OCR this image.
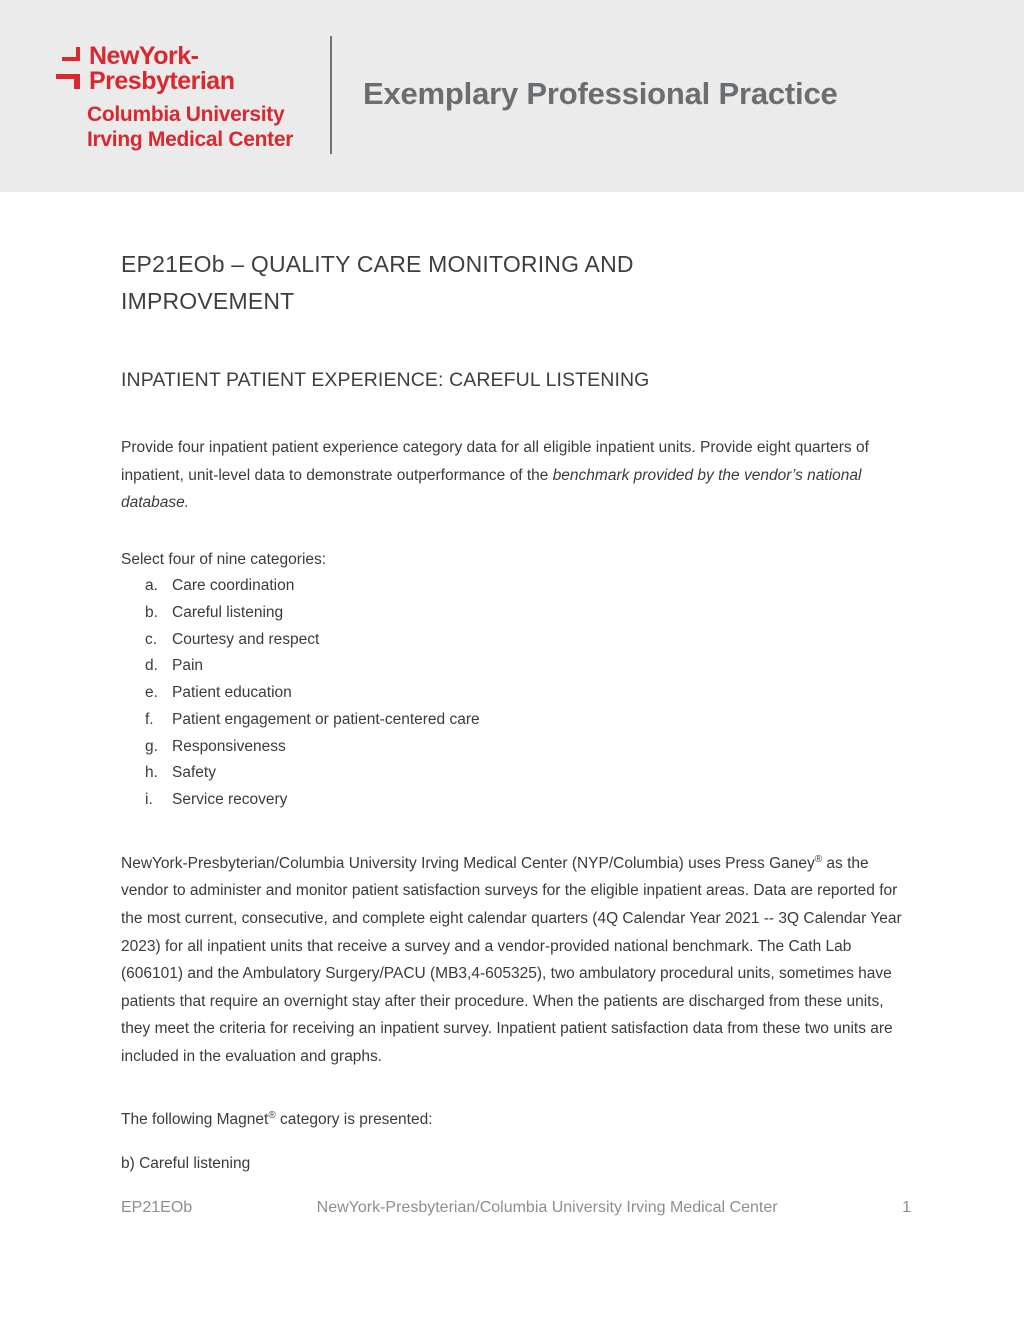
NewYork-
Presbyterian
Columbia University
Irving Medical Center
Exemplary Professional Practice
EP21EOb – QUALITY CARE MONITORING AND
IMPROVEMENT
INPATIENT PATIENT EXPERIENCE: CAREFUL LISTENING

Provide four inpatient patient experience category data for all eligible inpatient units. Provide eight quarters of inpatient, unit-level data to demonstrate outperformance of the benchmark provided by the vendor’s national database.

Select four of nine categories:

a. Care coordination
b. Careful listening
c. Courtesy and respect
d. Pain
e. Patient education
f. Patient engagement or patient-centered care
g. Responsiveness
h. Safety
i. Service recovery

NewYork-Presbyterian/Columbia University Irving Medical Center (NYP/Columbia) uses Press Ganey® as the vendor to administer and monitor patient satisfaction surveys for the eligible inpatient areas. Data are reported for the most current, consecutive, and complete eight calendar quarters (4Q Calendar Year 2021 -- 3Q Calendar Year 2023) for all inpatient units that receive a survey and a vendor-provided national benchmark. The Cath Lab (606101) and the Ambulatory Surgery/PACU (MB3,4-605325), two ambulatory procedural units, sometimes have patients that require an overnight stay after their procedure. When the patients are discharged from these units, they meet the criteria for receiving an inpatient survey. Inpatient patient satisfaction data from these two units are included in the evaluation and graphs.

The following Magnet® category is presented:

b) Careful listening

EP21EOb	NewYork-Presbyterian/Columbia University Irving Medical Center	1
